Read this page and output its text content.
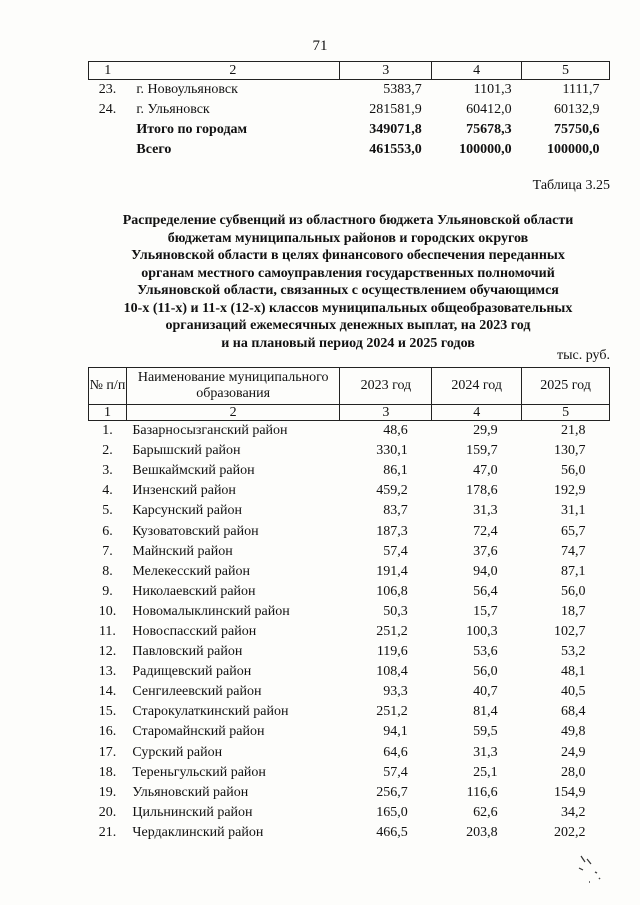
71
1	2	3	4	5
23.	г. Новоульяновск	5383,7	1101,3	1111,7
24.	г. Ульяновск	281581,9	60412,0	60132,9
	Итого по городам	349071,8	75678,3	75750,6
	Всего	461553,0	100000,0	100000,0
Таблица 3.25
Распределение субвенций из областного бюджета Ульяновской области
бюджетам муниципальных районов и городских округов
Ульяновской области в целях финансового обеспечения переданных
органам местного самоуправления государственных полномочий
Ульяновской области, связанных с осуществлением обучающимся
10-х (11-х) и 11-х (12-х) классов муниципальных общеобразовательных
организаций ежемесячных денежных выплат, на 2023 год
и на плановый период 2024 и 2025 годов
тыс. руб.
№ п/п	Наименование муниципального образования	2023 год	2024 год	2025 год
1	2	3	4	5
1.	Базарносызганский район	48,6	29,9	21,8
2.	Барышский район	330,1	159,7	130,7
3.	Вешкаймский район	86,1	47,0	56,0
4.	Инзенский район	459,2	178,6	192,9
5.	Карсунский район	83,7	31,3	31,1
6.	Кузоватовский район	187,3	72,4	65,7
7.	Майнский район	57,4	37,6	74,7
8.	Мелекесский район	191,4	94,0	87,1
9.	Николаевский район	106,8	56,4	56,0
10.	Новомалыклинский район	50,3	15,7	18,7
11.	Новоспасский район	251,2	100,3	102,7
12.	Павловский район	119,6	53,6	53,2
13.	Радищевский район	108,4	56,0	48,1
14.	Сенгилеевский район	93,3	40,7	40,5
15.	Старокулаткинский район	251,2	81,4	68,4
16.	Старомайнский район	94,1	59,5	49,8
17.	Сурский район	64,6	31,3	24,9
18.	Тереньгульский район	57,4	25,1	28,0
19.	Ульяновский район	256,7	116,6	154,9
20.	Цильнинский район	165,0	62,6	34,2
21.	Чердаклинский район	466,5	203,8	202,2
